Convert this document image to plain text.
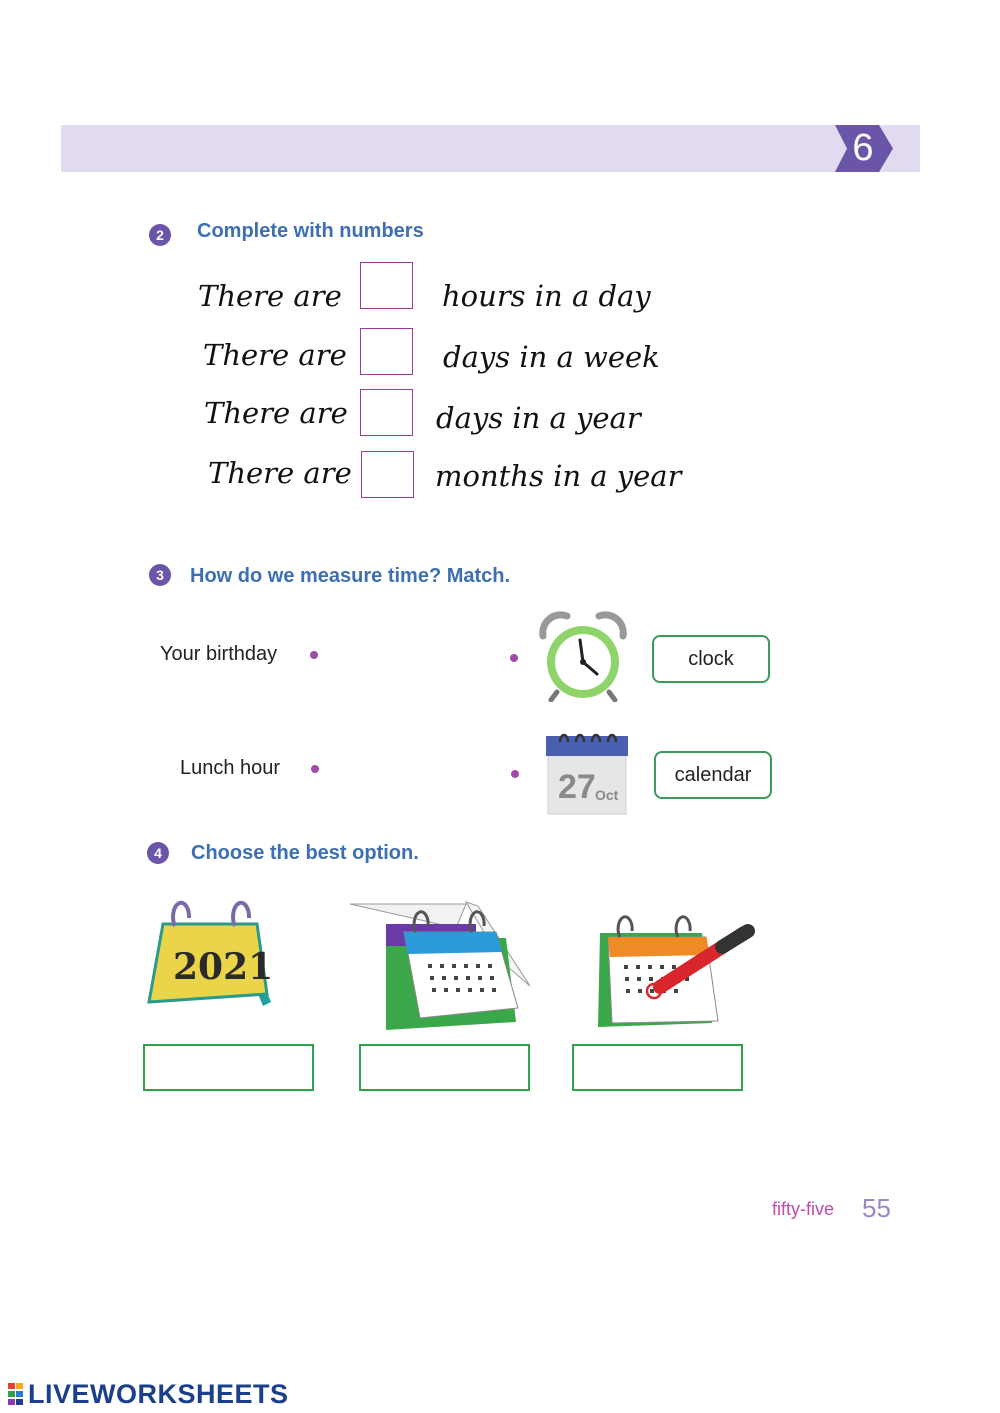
6
2	Complete with numbers
There are	hours in a day
There are	days in a week
There are	days in a year
There are	months in a year
3	How do we measure time? Match.
Your birthday
Lunch hour	27 Oct
clock
calendar
4	Choose the best option.
2021
fifty-five 55
LIVEWORKSHEETS
